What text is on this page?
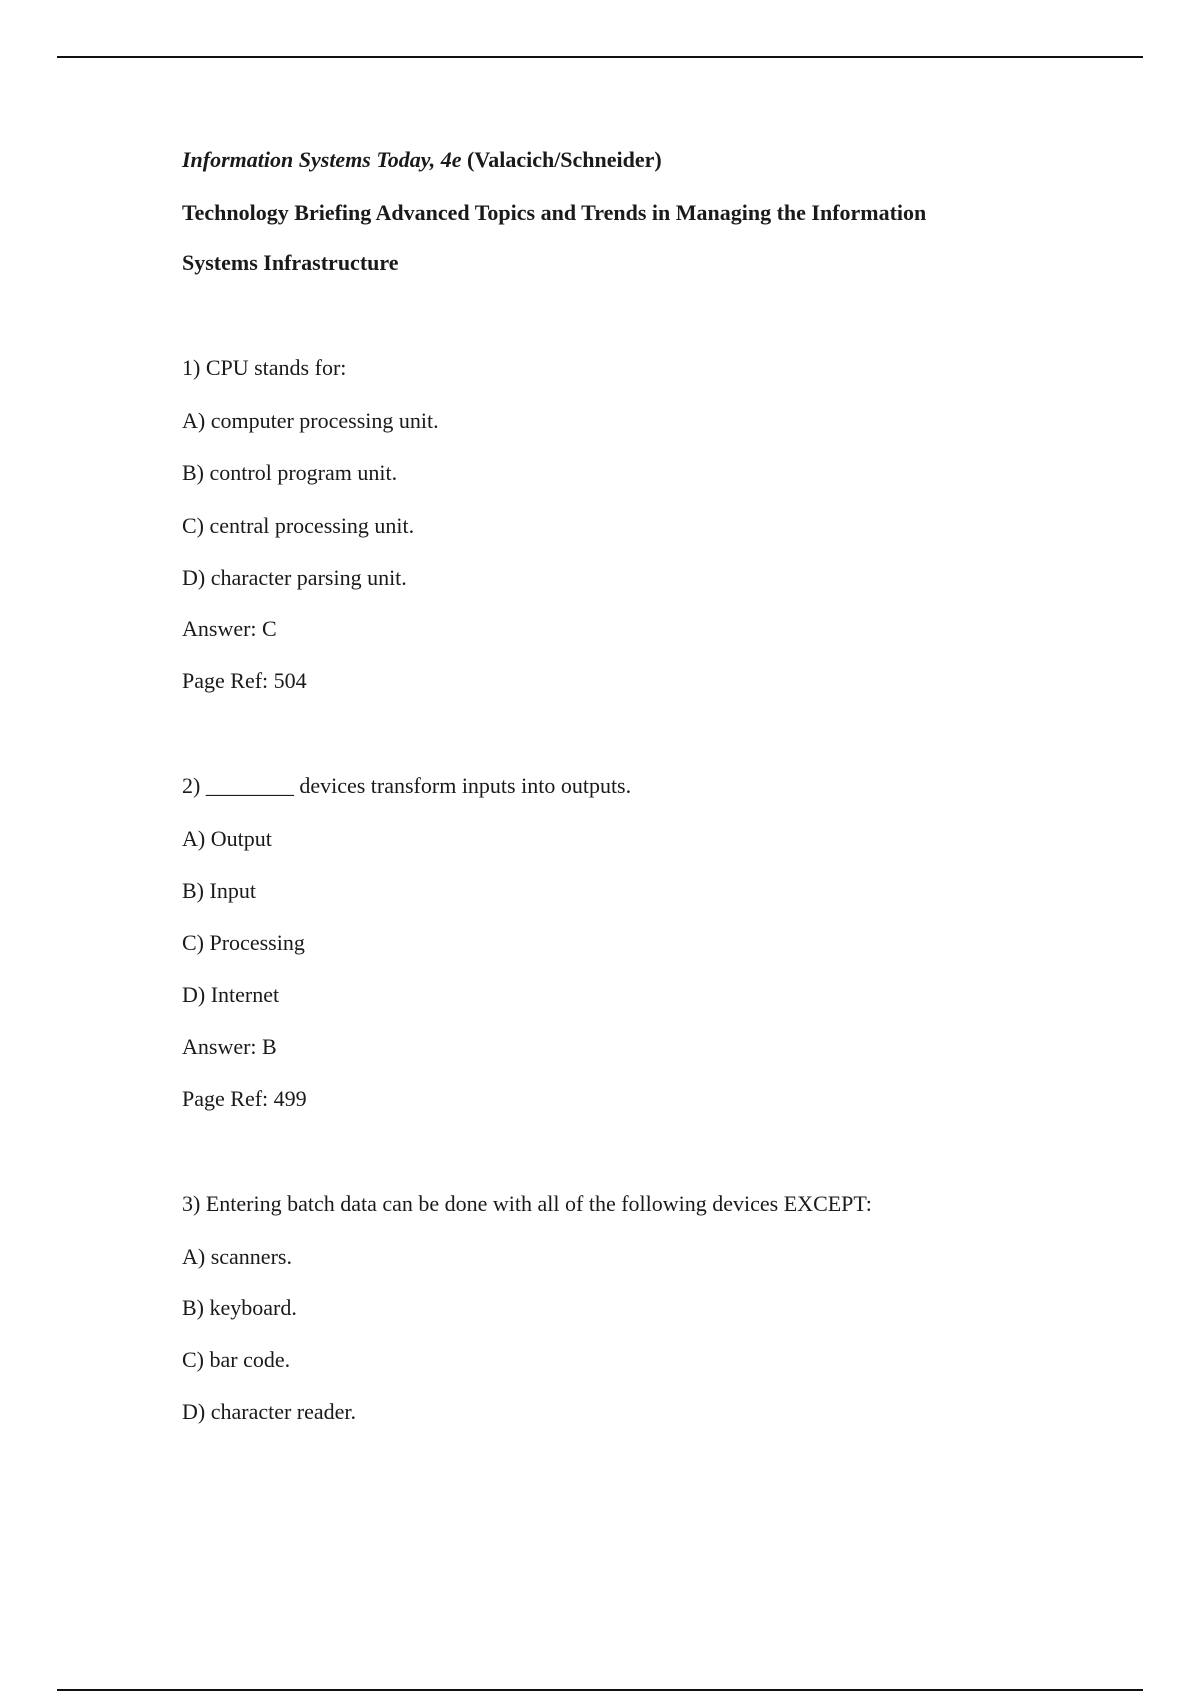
Information Systems Today, 4e (Valacich/Schneider)
Technology Briefing Advanced Topics and Trends in Managing the Information
Systems Infrastructure
1) CPU stands for:
A) computer processing unit.
B) control program unit.
C) central processing unit.
D) character parsing unit.
Answer: C
Page Ref: 504
2) ________ devices transform inputs into outputs.
A) Output
B) Input
C) Processing
D) Internet
Answer: B
Page Ref: 499
3) Entering batch data can be done with all of the following devices EXCEPT:
A) scanners.
B) keyboard.
C) bar code.
D) character reader.
